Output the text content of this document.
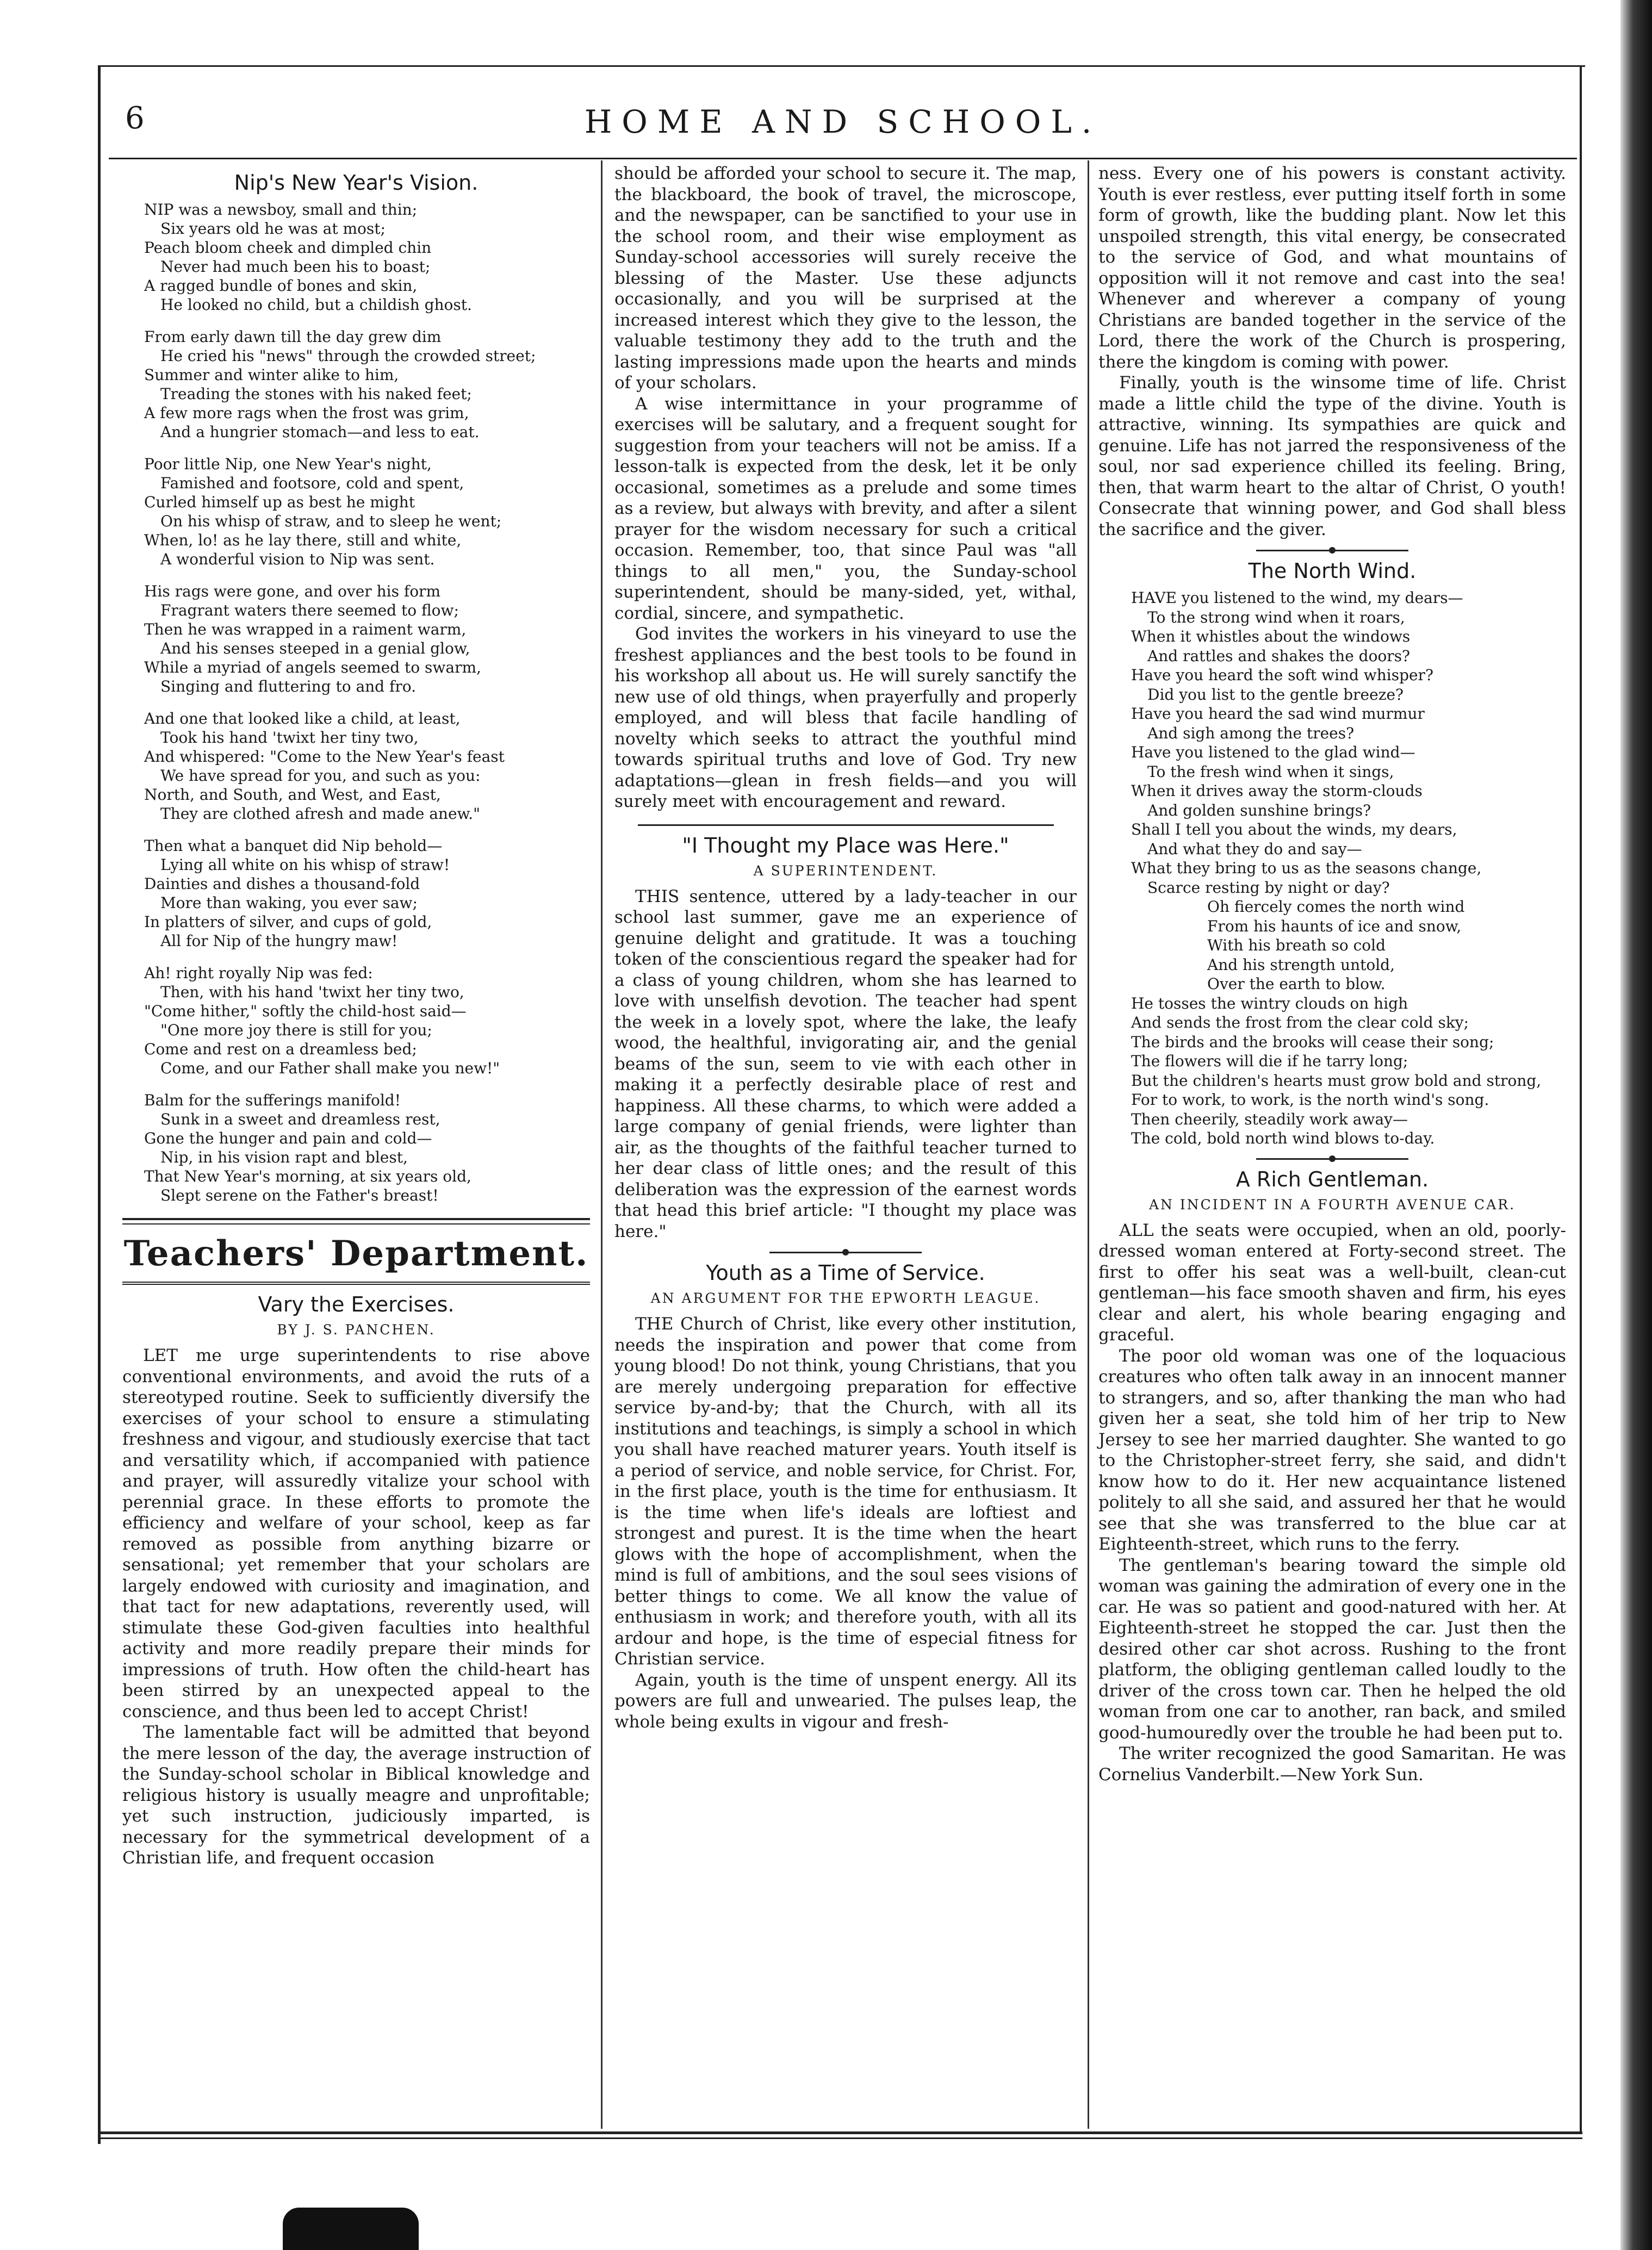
6	HOME AND SCHOOL.
Nip's New Year's Vision.

NIP was a newsboy, small and thin;

Six years old he was at most;

Peach bloom cheek and dimpled chin

Never had much been his to boast;

A ragged bundle of bones and skin,

He looked no child, but a childish ghost.

From early dawn till the day grew dim

He cried his "news" through the crowded street;

Summer and winter alike to him,

Treading the stones with his naked feet;

A few more rags when the frost was grim,

And a hungrier stomach—and less to eat.

Poor little Nip, one New Year's night,

Famished and footsore, cold and spent,

Curled himself up as best he might

On his whisp of straw, and to sleep he went;

When, lo! as he lay there, still and white,

A wonderful vision to Nip was sent.

His rags were gone, and over his form

Fragrant waters there seemed to flow;

Then he was wrapped in a raiment warm,

And his senses steeped in a genial glow,

While a myriad of angels seemed to swarm,

Singing and fluttering to and fro.

And one that looked like a child, at least,

Took his hand 'twixt her tiny two,

And whispered: "Come to the New Year's feast

We have spread for you, and such as you:

North, and South, and West, and East,

They are clothed afresh and made anew."

Then what a banquet did Nip behold—

Lying all white on his whisp of straw!

Dainties and dishes a thousand-fold

More than waking, you ever saw;

In platters of silver, and cups of gold,

All for Nip of the hungry maw!

Ah! right royally Nip was fed:

Then, with his hand 'twixt her tiny two,

"Come hither," softly the child-host said—

"One more joy there is still for you;

Come and rest on a dreamless bed;

Come, and our Father shall make you new!"

Balm for the sufferings manifold!

Sunk in a sweet and dreamless rest,

Gone the hunger and pain and cold—

Nip, in his vision rapt and blest,

That New Year's morning, at six years old,

Slept serene on the Father's breast!

Teachers' Department.
Vary the Exercises.
BY J. S. PANCHEN.

LET me urge superintendents to rise above conventional environments, and avoid the ruts of a stereotyped routine. Seek to sufficiently diversify the exercises of your school to ensure a stimulating freshness and vigour, and studiously exercise that tact and versatility which, if accompanied with patience and prayer, will assuredly vitalize your school with perennial grace. In these efforts to promote the efficiency and welfare of your school, keep as far removed as possible from anything bizarre or sensational; yet remember that your scholars are largely endowed with curiosity and imagination, and that tact for new adaptations, reverently used, will stimulate these God-given faculties into healthful activity and more readily prepare their minds for impressions of truth. How often the child-heart has been stirred by an unexpected appeal to the conscience, and thus been led to accept Christ!

The lamentable fact will be admitted that beyond the mere lesson of the day, the average instruction of the Sunday-school scholar in Biblical knowledge and religious history is usually meagre and unprofitable; yet such instruction, judiciously imparted, is necessary for the symmetrical development of a Christian life, and frequent occasion

should be afforded your school to secure it. The map, the blackboard, the book of travel, the microscope, and the newspaper, can be sanctified to your use in the school room, and their wise employment as Sunday-school accessories will surely receive the blessing of the Master. Use these adjuncts occasionally, and you will be surprised at the increased interest which they give to the lesson, the valuable testimony they add to the truth and the lasting impressions made upon the hearts and minds of your scholars.

A wise intermittance in your programme of exercises will be salutary, and a frequent sought for suggestion from your teachers will not be amiss. If a lesson-talk is expected from the desk, let it be only occasional, sometimes as a prelude and some times as a review, but always with brevity, and after a silent prayer for the wisdom necessary for such a critical occasion. Remember, too, that since Paul was "all things to all men," you, the Sunday-school superintendent, should be many-sided, yet, withal, cordial, sincere, and sympathetic.

God invites the workers in his vineyard to use the freshest appliances and the best tools to be found in his workshop all about us. He will surely sanctify the new use of old things, when prayerfully and properly employed, and will bless that facile handling of novelty which seeks to attract the youthful mind towards spiritual truths and love of God. Try new adaptations—glean in fresh fields—and you will surely meet with encouragement and reward.

"I Thought my Place was Here."
A SUPERINTENDENT.

THIS sentence, uttered by a lady-teacher in our school last summer, gave me an experience of genuine delight and gratitude. It was a touching token of the conscientious regard the speaker had for a class of young children, whom she has learned to love with unselfish devotion. The teacher had spent the week in a lovely spot, where the lake, the leafy wood, the healthful, invigorating air, and the genial beams of the sun, seem to vie with each other in making it a perfectly desirable place of rest and happiness. All these charms, to which were added a large company of genial friends, were lighter than air, as the thoughts of the faithful teacher turned to her dear class of little ones; and the result of this deliberation was the expression of the earnest words that head this brief article: "I thought my place was here."

Youth as a Time of Service.
AN ARGUMENT FOR THE EPWORTH LEAGUE.

THE Church of Christ, like every other institution, needs the inspiration and power that come from young blood! Do not think, young Christians, that you are merely undergoing preparation for effective service by-and-by; that the Church, with all its institutions and teachings, is simply a school in which you shall have reached maturer years. Youth itself is a period of service, and noble service, for Christ. For, in the first place, youth is the time for enthusiasm. It is the time when life's ideals are loftiest and strongest and purest. It is the time when the heart glows with the hope of accomplishment, when the mind is full of ambitions, and the soul sees visions of better things to come. We all know the value of enthusiasm in work; and therefore youth, with all its ardour and hope, is the time of especial fitness for Christian service.

Again, youth is the time of unspent energy. All its powers are full and unwearied. The pulses leap, the whole being exults in vigour and fresh-

ness. Every one of his powers is constant activity. Youth is ever restless, ever putting itself forth in some form of growth, like the budding plant. Now let this unspoiled strength, this vital energy, be consecrated to the service of God, and what mountains of opposition will it not remove and cast into the sea! Whenever and wherever a company of young Christians are banded together in the service of the Lord, there the work of the Church is prospering, there the kingdom is coming with power.

Finally, youth is the winsome time of life. Christ made a little child the type of the divine. Youth is attractive, winning. Its sympathies are quick and genuine. Life has not jarred the responsiveness of the soul, nor sad experience chilled its feeling. Bring, then, that warm heart to the altar of Christ, O youth! Consecrate that winning power, and God shall bless the sacrifice and the giver.

The North Wind.

HAVE you listened to the wind, my dears—

To the strong wind when it roars,

When it whistles about the windows

And rattles and shakes the doors?

Have you heard the soft wind whisper?

Did you list to the gentle breeze?

Have you heard the sad wind murmur

And sigh among the trees?

Have you listened to the glad wind—

To the fresh wind when it sings,

When it drives away the storm-clouds

And golden sunshine brings?

Shall I tell you about the winds, my dears,

And what they do and say—

What they bring to us as the seasons change,

Scarce resting by night or day?

Oh fiercely comes the north wind

From his haunts of ice and snow,

With his breath so cold

And his strength untold,

Over the earth to blow.

He tosses the wintry clouds on high

And sends the frost from the clear cold sky;

The birds and the brooks will cease their song;

The flowers will die if he tarry long;

But the children's hearts must grow bold and strong,

For to work, to work, is the north wind's song.

Then cheerily, steadily work away—

The cold, bold north wind blows to-day.

A Rich Gentleman.
AN INCIDENT IN A FOURTH AVENUE CAR.

ALL the seats were occupied, when an old, poorly-dressed woman entered at Forty-second street. The first to offer his seat was a well-built, clean-cut gentleman—his face smooth shaven and firm, his eyes clear and alert, his whole bearing engaging and graceful.

The poor old woman was one of the loquacious creatures who often talk away in an innocent manner to strangers, and so, after thanking the man who had given her a seat, she told him of her trip to New Jersey to see her married daughter. She wanted to go to the Christopher-street ferry, she said, and didn't know how to do it. Her new acquaintance listened politely to all she said, and assured her that he would see that she was transferred to the blue car at Eighteenth-street, which runs to the ferry.

The gentleman's bearing toward the simple old woman was gaining the admiration of every one in the car. He was so patient and good-natured with her. At Eighteenth-street he stopped the car. Just then the desired other car shot across. Rushing to the front platform, the obliging gentleman called loudly to the driver of the cross town car. Then he helped the old woman from one car to another, ran back, and smiled good-humouredly over the trouble he had been put to.

The writer recognized the good Samaritan. He was Cornelius Vanderbilt.—New York Sun.
